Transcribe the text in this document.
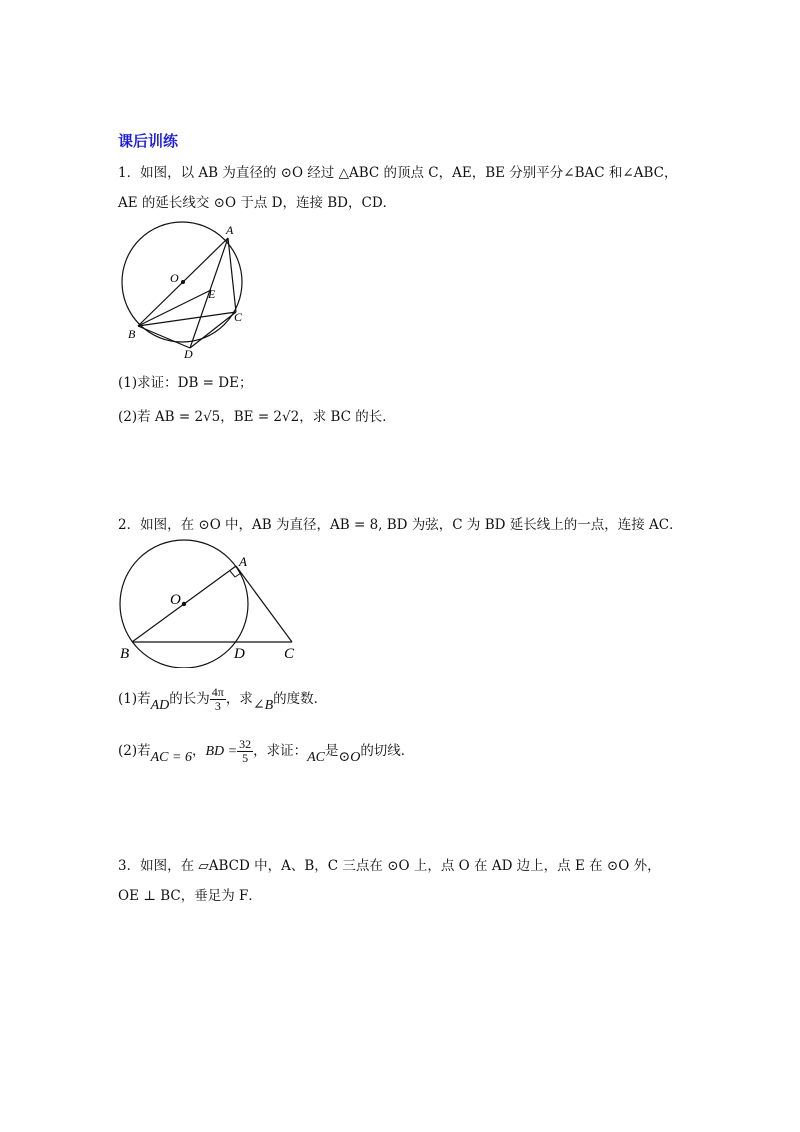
课后训练
1．如图，以 AB 为直径的 ⊙O 经过 △ABC 的顶点 C，AE，BE 分别平分∠BAC 和∠ABC，
AE 的延长线交 ⊙O 于点 D，连接 BD，CD．
A
O
E
C
B
D
(1)求证：DB = DE；
(2)若 AB = 2√5，BE = 2√2，求 BC 的长．
2．如图，在 ⊙O 中，AB 为直径，AB = 8, BD 为弦，C 为 BD 延长线上的一点，连接 AC．
A
O
B	D	C
(1)若AD的长为 $\frac{4\pi}{3}$ ，求∠B的度数．
(2)若AC = 6，BD = $\frac{32}{5}$ ，求证：AC是⊙O的切线．
3．如图，在 ▱ABCD 中，A、B，C 三点在 ⊙O 上，点 O 在 AD 边上，点 E 在 ⊙O 外，
OE ⊥ BC，垂足为 F．
